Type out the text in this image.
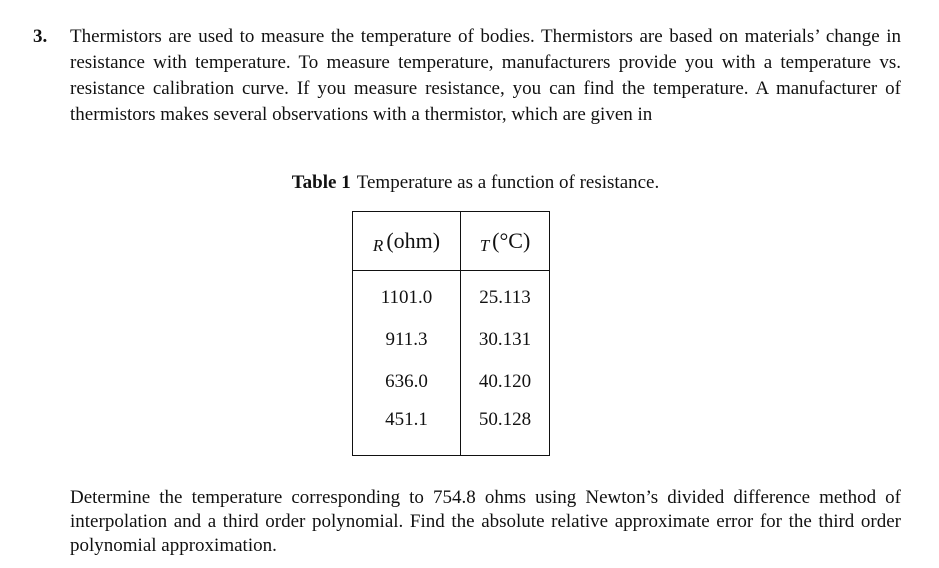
3. Thermistors are used to measure the temperature of bodies. Thermistors are based on materials’ change in resistance with temperature. To measure temperature, manufacturers provide you with a temperature vs. resistance calibration curve. If you measure resistance, you can find the temperature. A manufacturer of thermistors makes several observations with a thermistor, which are given in
Table 1 Temperature as a function of resistance.
R (ohm)	T (°C)
1101.0	25.113
911.3	30.131
636.0	40.120
451.1	50.128
Determine the temperature corresponding to 754.8 ohms using Newton’s divided difference method of interpolation and a third order polynomial. Find the absolute relative approximate error for the third order polynomial approximation.
